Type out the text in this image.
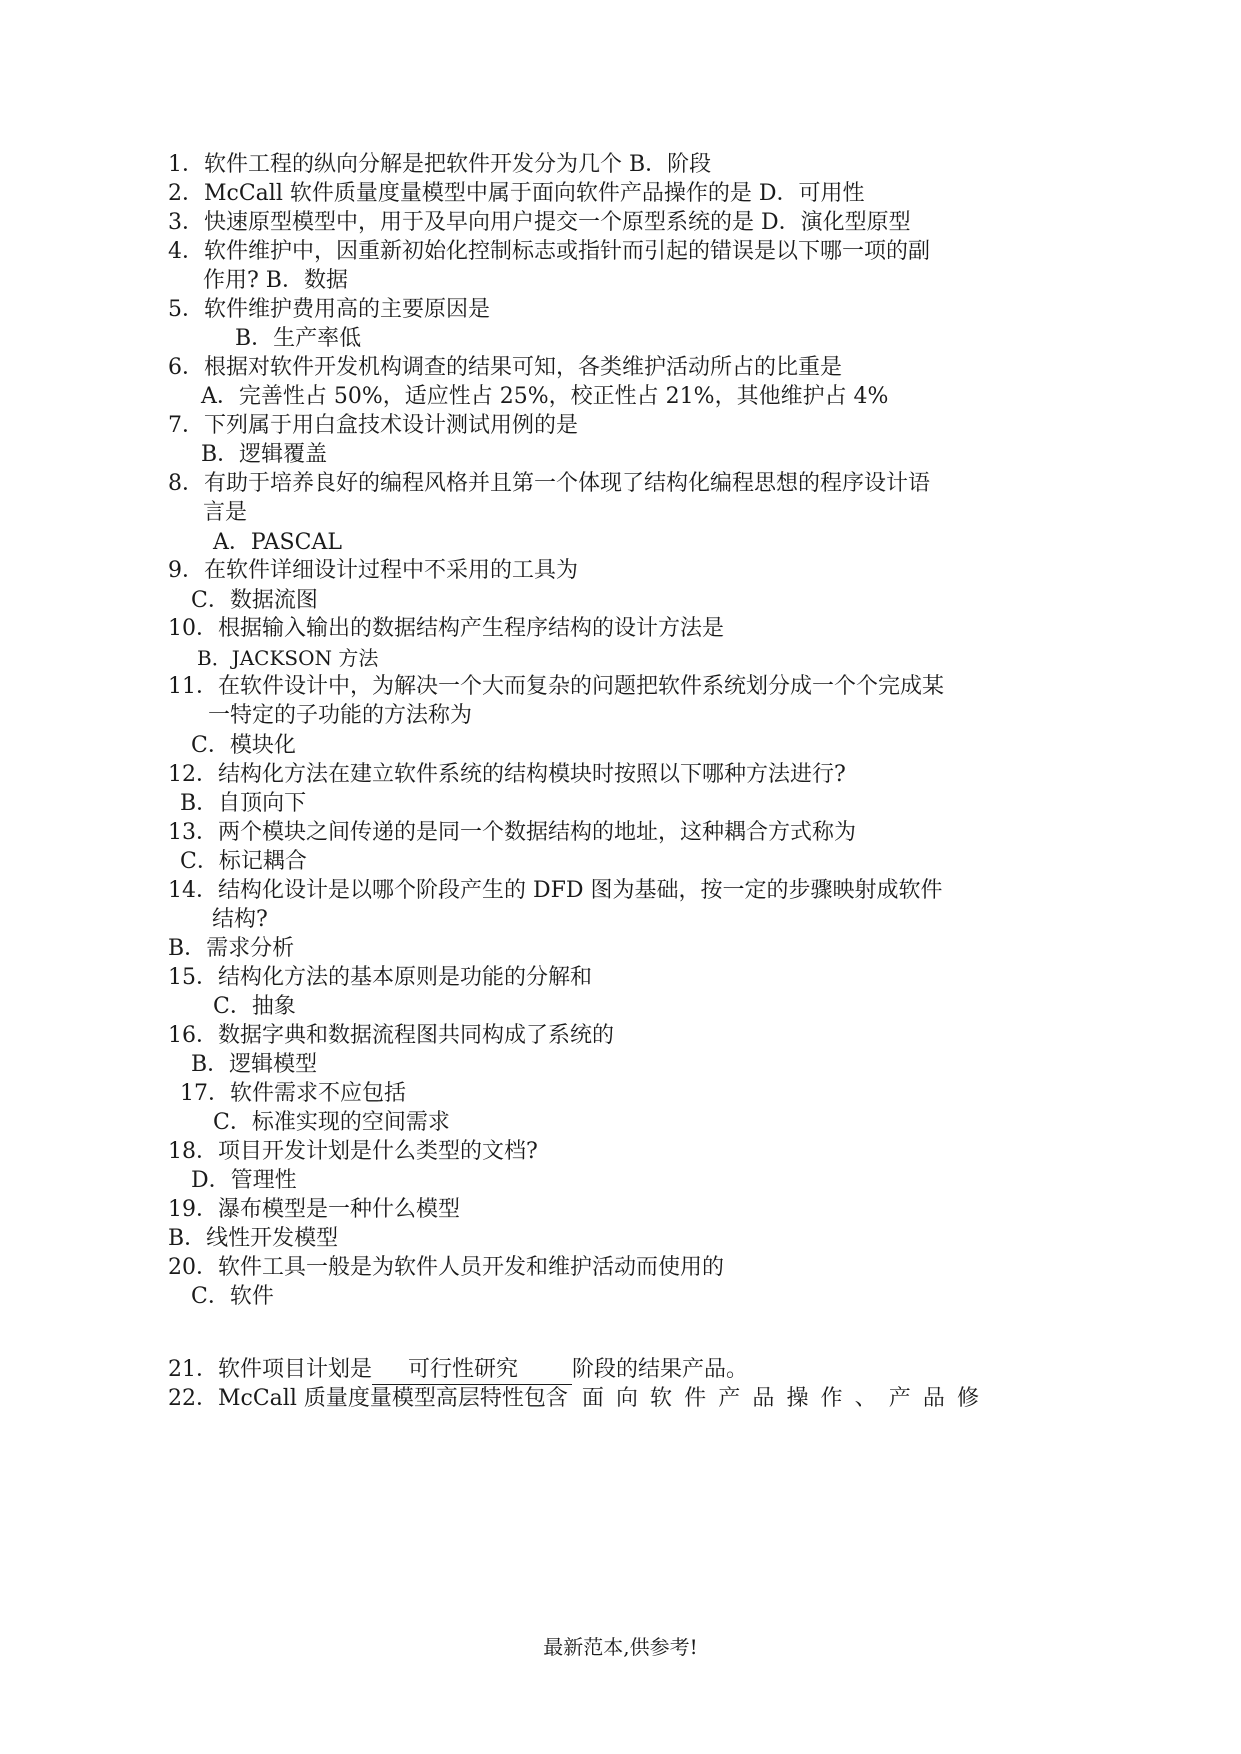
1．软件工程的纵向分解是把软件开发分为几个 B．阶段
2．McCall 软件质量度量模型中属于面向软件产品操作的是 D．可用性
3．快速原型模型中，用于及早向用户提交一个原型系统的是 D．演化型原型
4．软件维护中，因重新初始化控制标志或指针而引起的错误是以下哪一项的副
作用? B．数据
5．软件维护费用高的主要原因是
B．生产率低
6．根据对软件开发机构调查的结果可知，各类维护活动所占的比重是
A．完善性占 50%，适应性占 25%，校正性占 21%，其他维护占 4%
7．下列属于用白盒技术设计测试用例的是
B．逻辑覆盖
8．有助于培养良好的编程风格并且第一个体现了结构化编程思想的程序设计语
言是
A．PASCAL
9．在软件详细设计过程中不采用的工具为
C．数据流图
10．根据输入输出的数据结构产生程序结构的设计方法是
B．JACKSON 方法
11．在软件设计中，为解决一个大而复杂的问题把软件系统划分成一个个完成某
一特定的子功能的方法称为
C．模块化
12．结构化方法在建立软件系统的结构模块时按照以下哪种方法进行?
B．自顶向下
13．两个模块之间传递的是同一个数据结构的地址，这种耦合方式称为
C．标记耦合
14．结构化设计是以哪个阶段产生的 DFD 图为基础，按一定的步骤映射成软件
结构?
B．需求分析
15．结构化方法的基本原则是功能的分解和
C．抽象
16．数据字典和数据流程图共同构成了系统的
B．逻辑模型
17．软件需求不应包括
C．标准实现的空间需求
18．项目开发计划是什么类型的文档?
D．管理性
19．瀑布模型是一种什么模型
B．线性开发模型
20．软件工具一般是为软件人员开发和维护活动而使用的
C．软件
21．软件项目计划是 可行性研究 阶段的结果产品。
22．McCall 质量度量模型高层特性包含 面向软件产品操作、产品修
最新范本,供参考!
